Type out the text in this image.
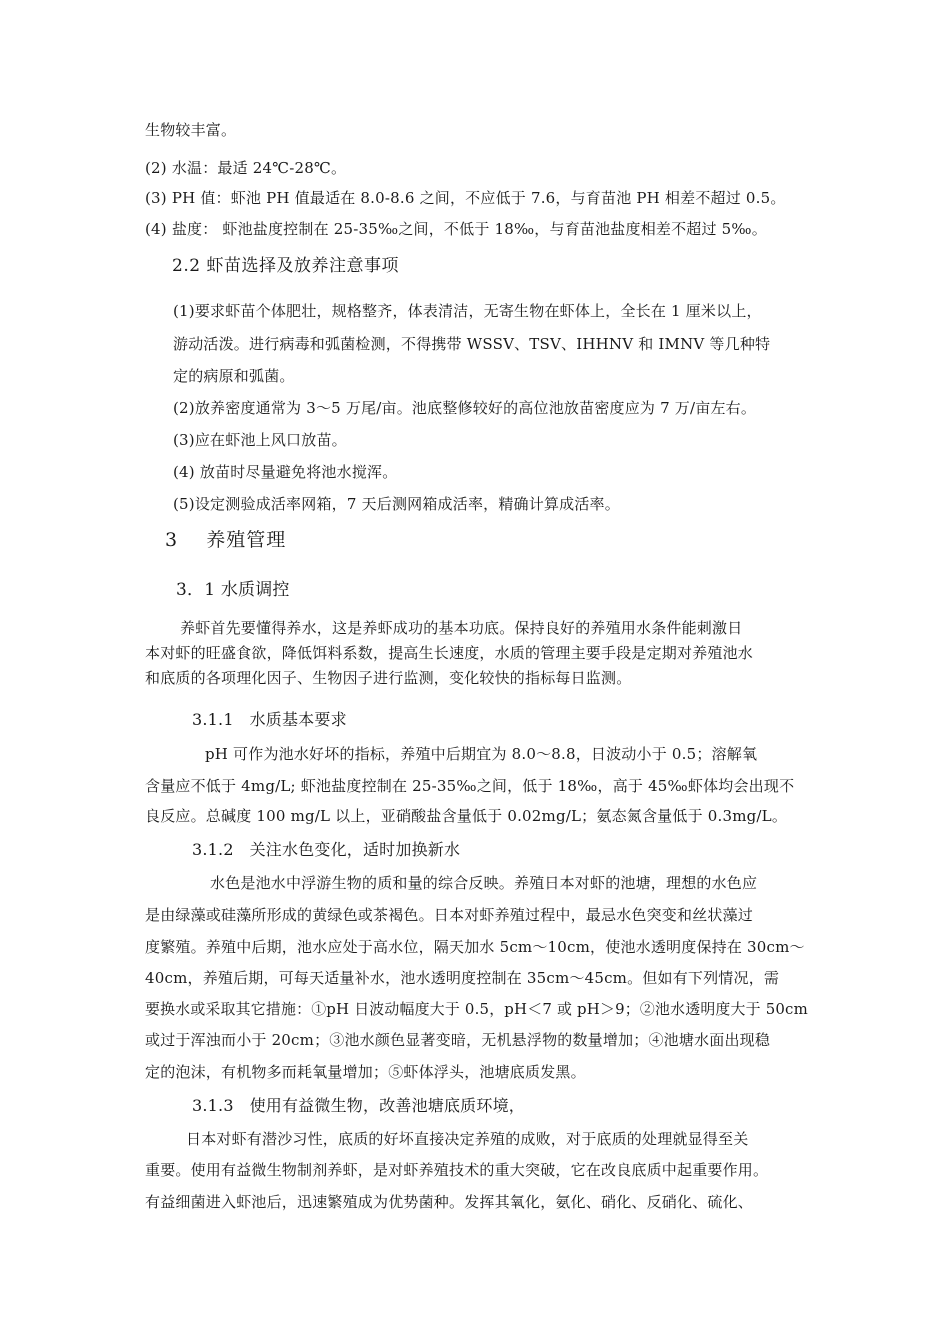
生物较丰富。
(2) 水温：最适 24℃-28℃。
(3) PH 值：虾池 PH 值最适在 8.0-8.6 之间，不应低于 7.6，与育苗池 PH 相差不超过 0.5。
(4) 盐度： 虾池盐度控制在 25-35‰之间，不低于 18‰，与育苗池盐度相差不超过 5‰。
2.2 虾苗选择及放养注意事项
(1)要求虾苗个体肥壮，规格整齐，体表清洁，无寄生物在虾体上，全长在 1 厘米以上，
游动活泼。进行病毒和弧菌检测，不得携带 WSSV、TSV、IHHNV 和 IMNV 等几种特
定的病原和弧菌。
(2)放养密度通常为 3～5 万尾/亩。池底整修较好的高位池放苗密度应为 7 万/亩左右。
(3)应在虾池上风口放苗。
(4) 放苗时尽量避免将池水搅浑。
(5)设定测验成活率网箱，7 天后测网箱成活率，精确计算成活率。
3    养殖管理
3．1 水质调控
养虾首先要懂得养水，这是养虾成功的基本功底。保持良好的养殖用水条件能刺激日
本对虾的旺盛食欲，降低饵料系数，提高生长速度，水质的管理主要手段是定期对养殖池水
和底质的各项理化因子、生物因子进行监测，变化较快的指标每日监测。
3.1.1   水质基本要求
pH 可作为池水好坏的指标，养殖中后期宜为 8.0～8.8，日波动小于 0.5；溶解氧
含量应不低于 4mg/L; 虾池盐度控制在 25-35‰之间，低于 18‰，高于 45‰虾体均会出现不
良反应。总碱度 100 mg/L 以上，亚硝酸盐含量低于 0.02mg/L；氨态氮含量低于 0.3mg/L。
3.1.2   关注水色变化，适时加换新水
水色是池水中浮游生物的质和量的综合反映。养殖日本对虾的池塘，理想的水色应
是由绿藻或硅藻所形成的黄绿色或茶褐色。日本对虾养殖过程中，最忌水色突变和丝状藻过
度繁殖。养殖中后期，池水应处于高水位，隔天加水 5cm～10cm，使池水透明度保持在 30cm～
40cm，养殖后期，可每天适量补水，池水透明度控制在 35cm～45cm。但如有下列情况，需
要换水或采取其它措施：①pH 日波动幅度大于 0.5，pH＜7 或 pH＞9；②池水透明度大于 50cm
或过于浑浊而小于 20cm；③池水颜色显著变暗，无机悬浮物的数量增加；④池塘水面出现稳
定的泡沫，有机物多而耗氧量增加；⑤虾体浮头，池塘底质发黑。
3.1.3   使用有益微生物，改善池塘底质环境，
日本对虾有潜沙习性，底质的好坏直接决定养殖的成败，对于底质的处理就显得至关
重要。使用有益微生物制剂养虾，是对虾养殖技术的重大突破，它在改良底质中起重要作用。
有益细菌进入虾池后，迅速繁殖成为优势菌种。发挥其氧化，氨化、硝化、反硝化、硫化、
